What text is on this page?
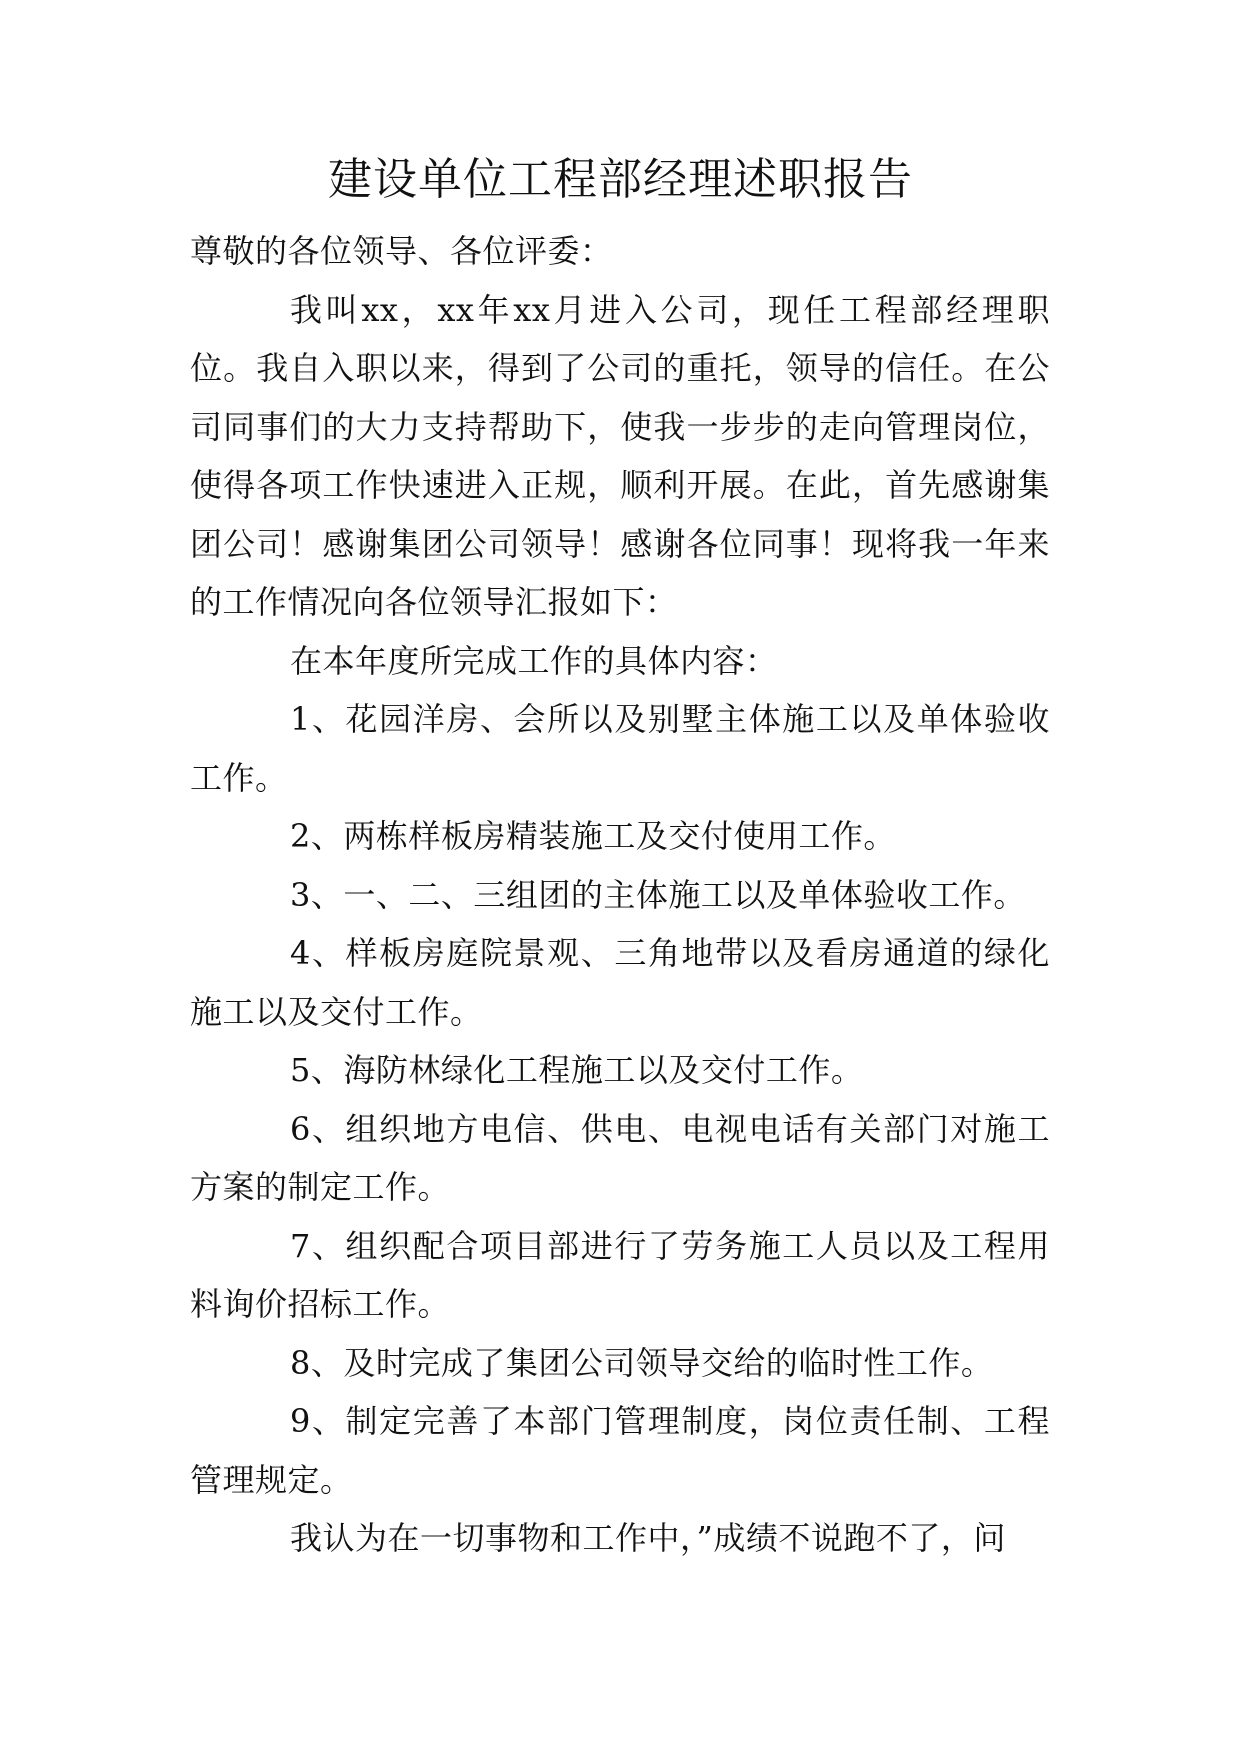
建设单位工程部经理述职报告

尊敬的各位领导、各位评委：

我叫xx，xx年xx月进入公司，现任工程部经理职位。我自入职以来，得到了公司的重托，领导的信任。在公司同事们的大力支持帮助下，使我一步步的走向管理岗位，使得各项工作快速进入正规，顺利开展。在此，首先感谢集团公司！感谢集团公司领导！感谢各位同事！现将我一年来的工作情况向各位领导汇报如下：

在本年度所完成工作的具体内容：

1、花园洋房、会所以及别墅主体施工以及单体验收工作。

2、两栋样板房精装施工及交付使用工作。

3、一、二、三组团的主体施工以及单体验收工作。

4、样板房庭院景观、三角地带以及看房通道的绿化施工以及交付工作。

5、海防林绿化工程施工以及交付工作。

6、组织地方电信、供电、电视电话有关部门对施工方案的制定工作。

7、组织配合项目部进行了劳务施工人员以及工程用料询价招标工作。

8、及时完成了集团公司领导交给的临时性工作。

9、制定完善了本部门管理制度，岗位责任制、工程管理规定。

我认为在一切事物和工作中，”成绩不说跑不了，问
